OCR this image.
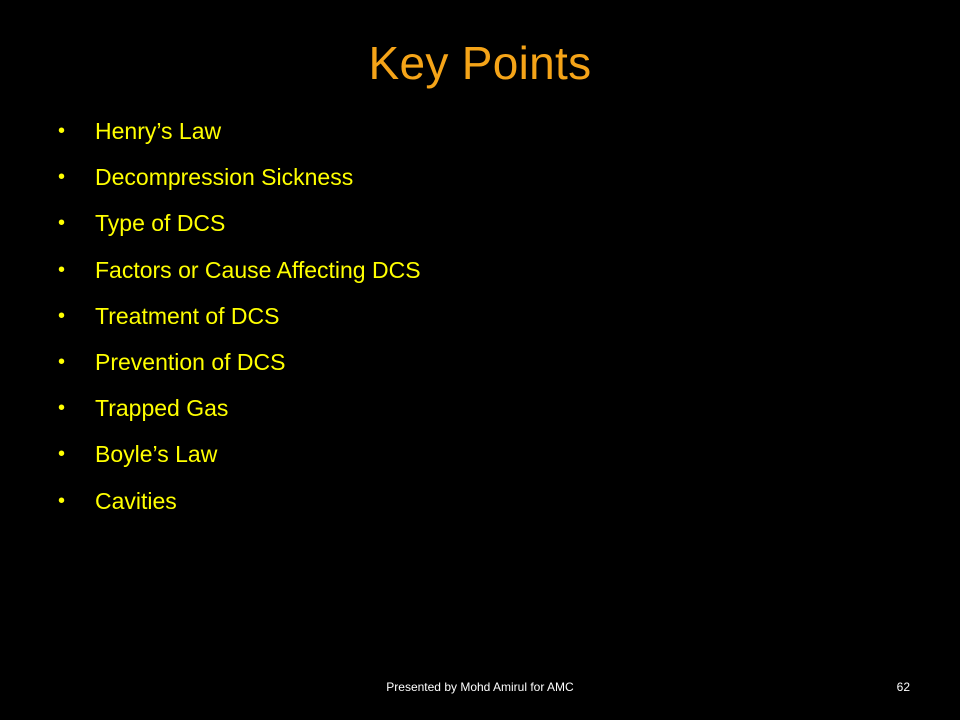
Key Points
• Henry’s Law
• Decompression Sickness
• Type of DCS
• Factors or Cause Affecting DCS
• Treatment of DCS
• Prevention of DCS
• Trapped Gas
• Boyle’s Law
• Cavities
Presented by Mohd Amirul for AMC	62
